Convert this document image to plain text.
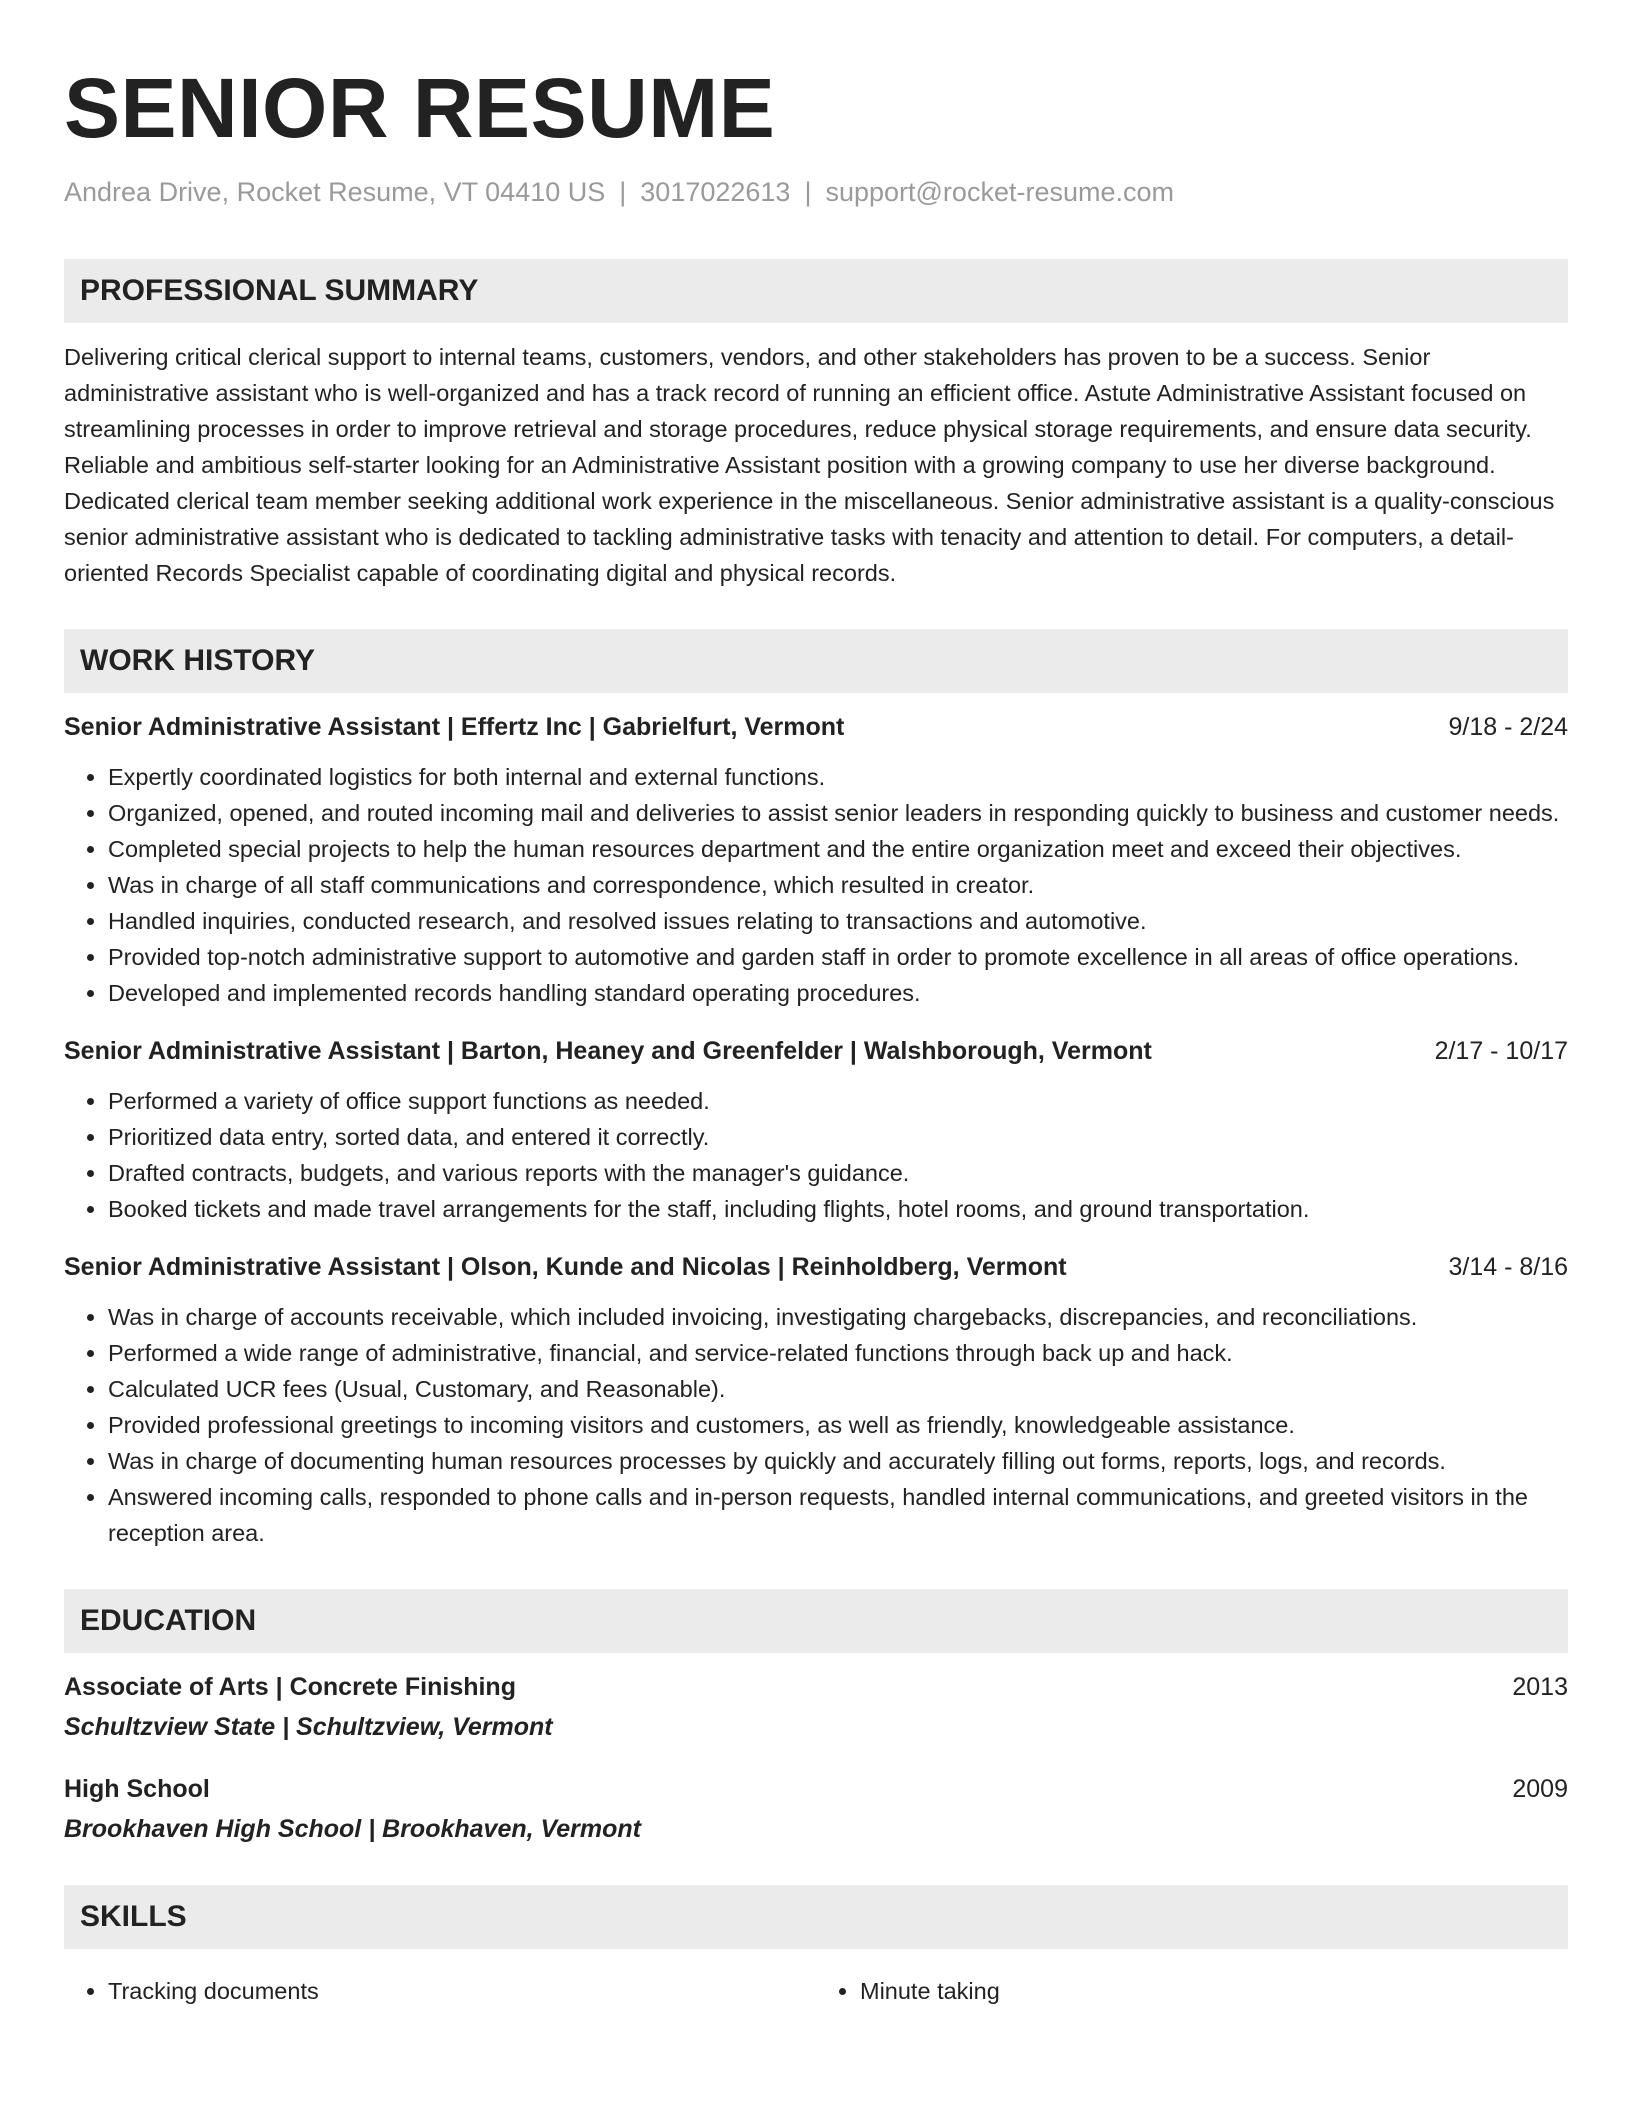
SENIOR RESUME
Andrea Drive, Rocket Resume, VT 04410 US | 3017022613 | support@rocket-resume.com
PROFESSIONAL SUMMARY

Delivering critical clerical support to internal teams, customers, vendors, and other stakeholders has proven to be a success. Senior administrative assistant who is well-organized and has a track record of running an efficient office. Astute Administrative Assistant focused on streamlining processes in order to improve retrieval and storage procedures, reduce physical storage requirements, and ensure data security. Reliable and ambitious self-starter looking for an Administrative Assistant position with a growing company to use her diverse background. Dedicated clerical team member seeking additional work experience in the miscellaneous. Senior administrative assistant is a quality-conscious senior administrative assistant who is dedicated to tackling administrative tasks with tenacity and attention to detail. For computers, a detail-oriented Records Specialist capable of coordinating digital and physical records.

WORK HISTORY
Senior Administrative Assistant | Effertz Inc | Gabrielfurt, Vermont	9/18 - 2/24
• Expertly coordinated logistics for both internal and external functions.
• Organized, opened, and routed incoming mail and deliveries to assist senior leaders in responding quickly to business and customer needs.
• Completed special projects to help the human resources department and the entire organization meet and exceed their objectives.
• Was in charge of all staff communications and correspondence, which resulted in creator.
• Handled inquiries, conducted research, and resolved issues relating to transactions and automotive.
• Provided top-notch administrative support to automotive and garden staff in order to promote excellence in all areas of office operations.
• Developed and implemented records handling standard operating procedures.
Senior Administrative Assistant | Barton, Heaney and Greenfelder | Walshborough, Vermont	2/17 - 10/17
• Performed a variety of office support functions as needed.
• Prioritized data entry, sorted data, and entered it correctly.
• Drafted contracts, budgets, and various reports with the manager's guidance.
• Booked tickets and made travel arrangements for the staff, including flights, hotel rooms, and ground transportation.
Senior Administrative Assistant | Olson, Kunde and Nicolas | Reinholdberg, Vermont	3/14 - 8/16
• Was in charge of accounts receivable, which included invoicing, investigating chargebacks, discrepancies, and reconciliations.
• Performed a wide range of administrative, financial, and service-related functions through back up and hack.
• Calculated UCR fees (Usual, Customary, and Reasonable).
• Provided professional greetings to incoming visitors and customers, as well as friendly, knowledgeable assistance.
• Was in charge of documenting human resources processes by quickly and accurately filling out forms, reports, logs, and records.
• Answered incoming calls, responded to phone calls and in-person requests, handled internal communications, and greeted visitors in the reception area.
EDUCATION
Associate of Arts | Concrete Finishing	2013
Schultzview State | Schultzview, Vermont
High School	2009
Brookhaven High School | Brookhaven, Vermont
SKILLS
• Tracking documents
•	Minute taking
